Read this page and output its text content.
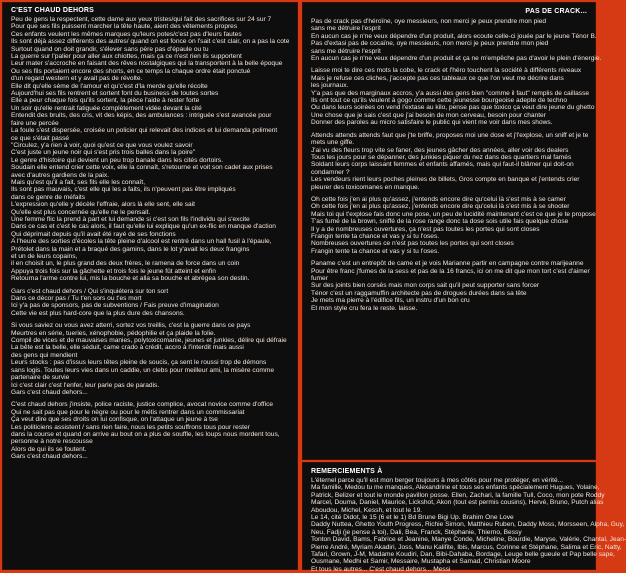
C'EST CHAUD DEHORS
Peu de gens la respectent, cette dame aux yeux tristes/qui fait des sacrifices sur 24 sur 7
Pour que ses fils puissent marcher la tête haute, aient des vêtements propres
Ces enfants veulent les mêmes marques qu'leurs potes/c'est pas d'leurs fautes
Ils sont déjà assez différents des autres/ quand on est fonce on l'sait c'est clair, on a pas la cote
Surtout quand on doit grandir, s'élever sans père pas d'épaule ou tu
La guerre sur l'palier pour aller aux chiottes, mais ça ce n'est rien ils supportent
Leur mater s'accroche en faisant des rêves nostalgiques qui la transportent à la belle époque
Ou ses fils portaient encore des shorts, en ce temps la chaque ordre était ponctué
d'un regard western et y avait pas de révolte.
Elle dit qu'elle sème de l'amour et qu'c'est d'la merde qu'elle récolte
Aujourd'hui ses fils rentrent et sortent font du business de toutes sortes
Elle a peur chaque fois qu'ils sortent, la pièce l'aide à rester forte
Un soir qu'elle rentrait fatiguée complètement vidée devant la cité
Entendit des bruits, des cris, vit des képis, des ambulances : intriguée s'est avancée pour
faire une percée
La foule s'est dispersée, croisée un policier qui relevait des indices et lui demanda poliment
ce que s'était passé
"Circulez, y'a rien à voir, quoi qu'est ce que vous voulez savoir
C'est juste un jeune noir qui s'est pris trois balles dans la poire"
Le genre d'histoire qui devient un peu trop banale dans les cités dortoirs.
Soudain elle entend crier cette voix, elle la connaît, s'retourne et voit son cadet aux prises
avec d'autres gardiens de la paix.
Mais qu'est qu'il a fait, ses fils elle les connaît,
Ils sont pas mauvais, c'est elle qui les a faits, ils n'peuvent pas être impliqués
dans ce genre de méfaits
L'expression qu'elle y décèle l'effraie, alors là elle sent, elle sait
Qu'elle est plus concernée qu'elle ne le pensait.
Une femme flic la prend à part et lui demande si c'est son fils l'individu qui s'excite
Dans ce cas et c'est le cas alors, il faut qu'elle lui explique qu'un ex-flic en manque d'action
Qui déprimait depuis qu'il avait été rayé de ses fonctions
A l'heure des sorties d'écoles la tête pleine d'alcool est rentré dans un hall fusil à l'épaule,
Prétolet dans la main et a braqué des gamins, dans le lot y'avait les deux frangins
et un de leurs copains,
il en choisit un, le plus grand des deux frères, le ramena de force dans un coin
Appuya trois fois sur la gâchette et trois fois le jeune fût atteint et enfin
Retourna l'arme contre lui, mis la bouche et alla sa bouche et abrégea son destin.
Gars c'est chaud dehors / Qui s'inquiétera sur ton sort
Dans ce décor pas / Tu t'en sors ou t'es mort
Ici y'a pas de sponsors, pas de subventions / Fais preuve d'imagination
Cette vie est plus hard-core que la plus dure des chansons.
Si vous saviez ou vous avez atterri, sortez vos treillis, c'est la guerre dans ce pays
Meurtres en série, tueries, xénophobie, pédophilie et ça plaide la folie.
Compil de vices et de mauvaises manies, polytoxicomanie, jeunes et junkies, délire qui défraie
La bête est la belle, elle séduit, came crado à crédit, accro à l'interdit mais aussi
des gens qui mendient
Leurs stocks : pas d'issus leurs têtes pleine de soucis, ça sent le roussi trop de démons
sans logis. Toutes leurs vies dans un caddie, un clebs pour meilleur ami, la misère comme
partenaire de survie
Ici c'est clair c'est l'enfer, leur parle pas de paradis.
Gars c'est chaud dehors...
C'est chaud dehors j'insiste, police raciste, justice complice, avocat novice comme d'office
Qui ne sait pas que pour le nègre ou pour le métis rentrer dans un commissariat
Ça veut dire que ses droits on lui confisque, on l'attaque un jeune à tse
Les politiciens assistent / sans rien faire, nous les petits souffrons tous pour rester
dans la course et quand on arrive au bout on a plus de souffle, les loups nous mordent tous,
personne à notre rescousse
Alors de qui ils se foutent.
Gars c'est chaud dehors...
PAS DE CRACK...
Pas de crack pas d'héroïne, oye messieurs, non merci je peux prendre mon pied
sans me détruire l'esprit
En aucun cas je n'ne veux dépendre d'un produit, alors ecoute celle-ci jouée par le jeune Ténor B.
Pas d'extasi pas de cocaïne, oye messieurs, non merci je peux prendre mon pied
sans me détruire l'esprit
En aucun cas je n'ne veux dépendre d'un produit et ça ne m'empêche pas d'avoir le plein d'énergie.
Laisse moi te dire ces mots la cobe, le crack et l'héro touchent la société à différents niveaux
Mais je refuse ces cliches, j'accepte pas ces tableaux ce que l'on veut me décrire dans
les journaux.
Y'a pas que des marginaux accros, y'a aussi des gens bien "comme il faut" remplis de caillasse
Ils ont tout ce qu'ils veulent à gogo comme cette jeunesse bourgeoise adepte de techno
Ou dans leurs soirées on vend l'extase au kilo, pense pas que toxico ça veut dire jeune du ghetto
Une chose que je sais c'est que j'ai besoin de mon cerveau, besoin pour chanter
Donner des paroles au micro satisfaire le public qui vient me voir dans mes shows.
Attends attends attends faut que j'te briffe, proposes moi une dose et j'l'explose, un sniff et je te
mets une giffe.
J'ai vu des fleurs trop vite se faner, des jeunes gâcher des années, aller voir des dealers
Tous les jours pour se dépanner, des junkies piquer du nez dans des quartiers mal famés
Soldant leurs corps laissant femmes et enfants affamés, mais qui faut-il blâmer qui doit-on
condamner ?
Les vendeurs rient leurs poches pleines de billets, Gros compte en banque et j'entends crier
pleurer des toxicomanes en manque.
Oh cette fois j'en ai plus qu'assez, j'entends encore dire qu'celui là s'est mis à se camer
Oh cette fois j'en ai plus qu'assez, j'entends encore dire qu'celui là s'est mis à se shooter
Mais toi qui t'explose fais donc une pose, un peu de lucidité maintenant c'est ce que je te propose
T'as fumé de la brown, sniffé de la rose range donc ta dose sois utile fais quelque chose
Il y a de nombreuses ouvertures, ça n'est pas toutes les portes qui sont closes
Frangin tente ta chance et vas y si tu l'oses.
Nombreuses ouvertures ce n'est pas toutes les portes qui sont closes
Frangin tente ta chance et vas y si tu l'oses.
Paname c'est un entrepôt de came et je vois Marianne partir en campagne contre marijeanne
Pour être franc j'fumes de la sess et pas de la 16 francs, ici on me dit que mon tort c'est d'aimer
fumer
Sur des joints bien corsés mais mon corps sait qu'il peut supporter sans forcer
Ténor c'est un raggamuffin architecte pas de drogues durées dans sa tête
Je mets ma pierre à l'édifice fils, un instru d'un bon cru
Et mon style cru fera le reste. laisse.
REMERCIEMENTS À
L'éternel parce qu'il est mon berger toujours à mes côtés pour me protéger, en vérité...
Ma famille, Medou tu me manques, Alexandrine et tous ses enfants spécialement Hugues, Yolaine,
Patrick, Belizer et tout le monde pavillon posse. Ellen, Zachari, la famille Tull, Coco, mon pote Roddy
Marcel, Douma, Daniel, Maurice, Lickshot, Akon (tout est permis cousins), Hervé, Bruno, Putch alias
Aboudou, Michel, Kessh, et tout le 19.
Le 14, cité Didot, le 15 (6 et le 1) Bd Brune Bigi Up. Brahim One Love
Daddy Nuttea, Ghetto Youth Progress, Richie Simon, Matthieu Ruben, Daddy Moss, Morsseen, Alpha, Guy,
Neu, Fadji (je pense à toi), Dali, Bea, Franck, Stéphanie, Thierno, Bessy
Tonton David, Bams, Fabrice et Jeanine, Manye Conde, Micheline, Bourdie, Maryse, Valérie, Chantal, Jean-
Pierre André, Myriam Akadiri, Joss, Manu Kalifite, Ibis, Marcus, Corinne et Stéphane, Salima et Eric, Natty,
Tafari, Grown, J-M, Madame Koudiri, Dan, Bibi-Dahaba, Bordage, Leuge belle gueule et Pap belle sape,
Ousmane, Medhi et Samir, Messaire, Mustapha et Samad, Christian Moore
Et tous les autres... C'est chaud dehors... Messi
